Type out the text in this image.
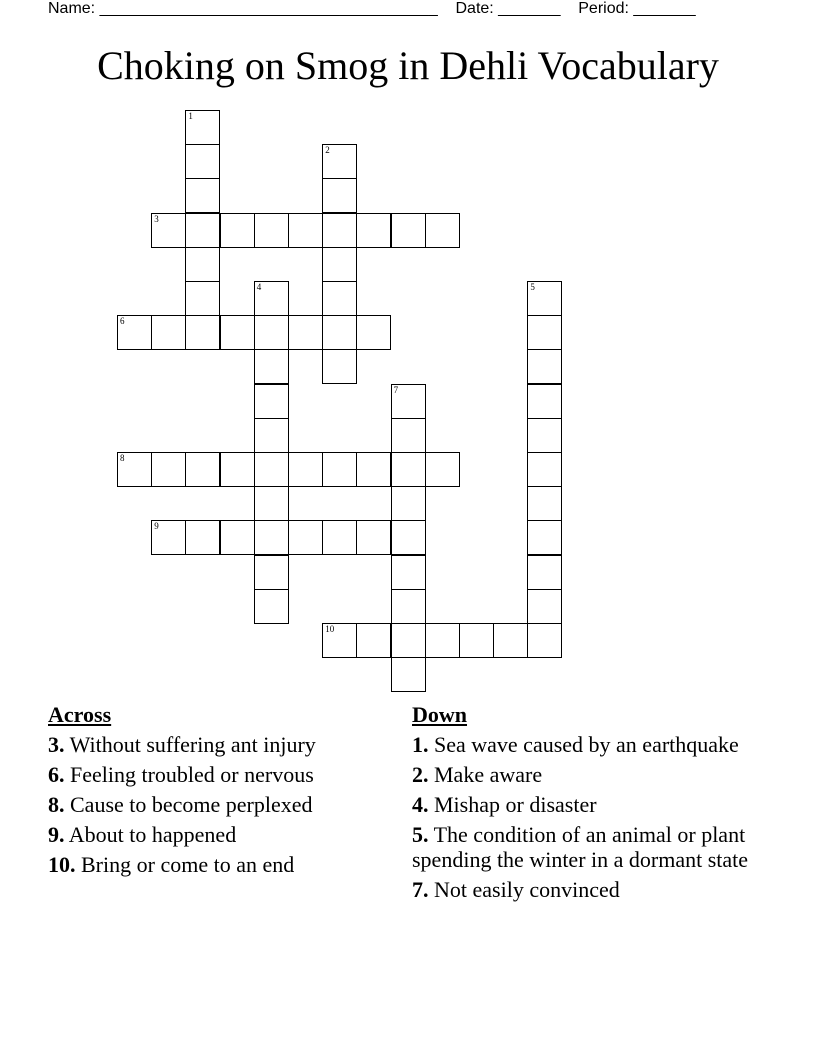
Name: ______________________________________    Date: _______    Period: _______
Choking on Smog in Dehli Vocabulary
1
2
3
4	5
6
7
8
9
10
Across
3. Without suffering ant injury
6. Feeling troubled or nervous
8. Cause to become perplexed
9. About to happened
10. Bring or come to an end
Down
1. Sea wave caused by an earthquake
2. Make aware
4. Mishap or disaster
5. The condition of an animal or plant spending the winter in a dormant state
7. Not easily convinced
